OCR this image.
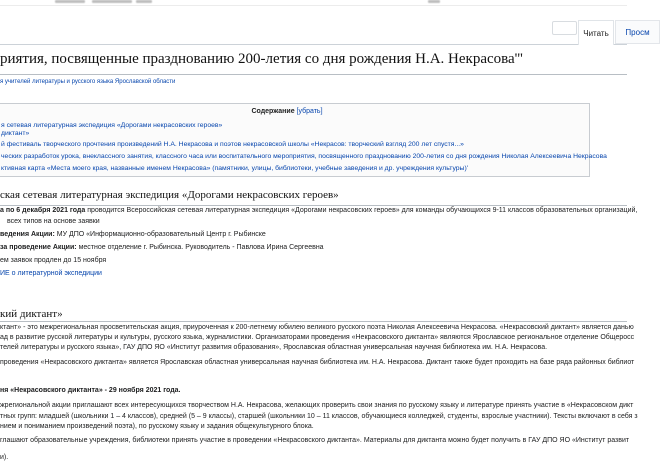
Читать	Просм
риятия, посвященные празднованию 200-летия со дня рождения Н.А. Некрасова'''
я учителей литературы и русского языка Ярославской области
Содержание [убрать]
я сетевая литературная экспедиция «Дорогами некрасовских героев»
диктант»
й фестиваль творческого прочтения произведений Н.А. Некрасова и поэтов некрасовской школы «Некрасов: творческий взгляд 200 лет спустя...»
ческих разработок урока, внеклассного занятия, классного часа или воспитательного мероприятия, посвященного празднованию 200-летия со дня рождения Николая Алексеевича Некрасова
ктивная карта «Места моего края, названные именем Некрасова» (памятники, улицы, библиотеки, учебные заведения и др. учреждения культуры)'
ская сетевая литературная экспедиция «Дорогами некрасовских героев»
а по 6 декабря 2021 года проводится Всероссийская сетевая литературная экспедиция «Дорогами некрасовских героев» для команды обучающихся 9-11 классов образовательных организаций,
всех типов на основе заявки
ведения Акции: МУ ДПО «Информационно-образовательный Центр г. Рыбинске
за проведение Акции: местное отделение г. Рыбинска. Руководитель - Павлова Ирина Сергеевна
ем заявок продлен до 15 ноября
ИЕ о литературной экспедиции
кий диктант»
ктант» - это межрегиональная просветительская акция, приуроченная к 200-летнему юбилею великого русского поэта Николая Алексеевича Некрасова. «Некрасовский диктант» является данью
ад в развитие русской литературы и культуры, русского языка, журналистики. Организаторами проведения «Некрасовского диктанта» являются Ярославское региональное отделение Общеросс
телей литературы и русского языка», ГАУ ДПО ЯО «Институт развития образования», Ярославская областная универсальная научная библиотека им. Н.А. Некрасова.
проведения «Некрасовского диктанта» является Ярославская областная универсальная научная библиотека им. Н.А. Некрасова. Диктант также будет проходить на базе ряда районных библиот
ня «Некрасовского диктанта» - 29 ноября 2021 года.
жрегиональной акции приглашают всех интересующихся творчеством Н.А. Некрасова, желающих проверить свои знания по русскому языку и литературе принять участие в «Некрасовском дикт
тных групп: младшей (школьники 1 – 4 классов), средней (5 – 9 классы), старшей (школьники 10 – 11 классов, обучающиеся колледжей, студенты, взрослые участники). Тексты включают в себя з
нием и пониманием произведений поэта), по русскому языку и задания общекультурного блока.
глашают образовательные учреждения, библиотеки принять участие в проведении «Некрасовского диктанта». Материалы для диктанта можно будет получить в ГАУ ДПО ЯО «Институт развит
и).
